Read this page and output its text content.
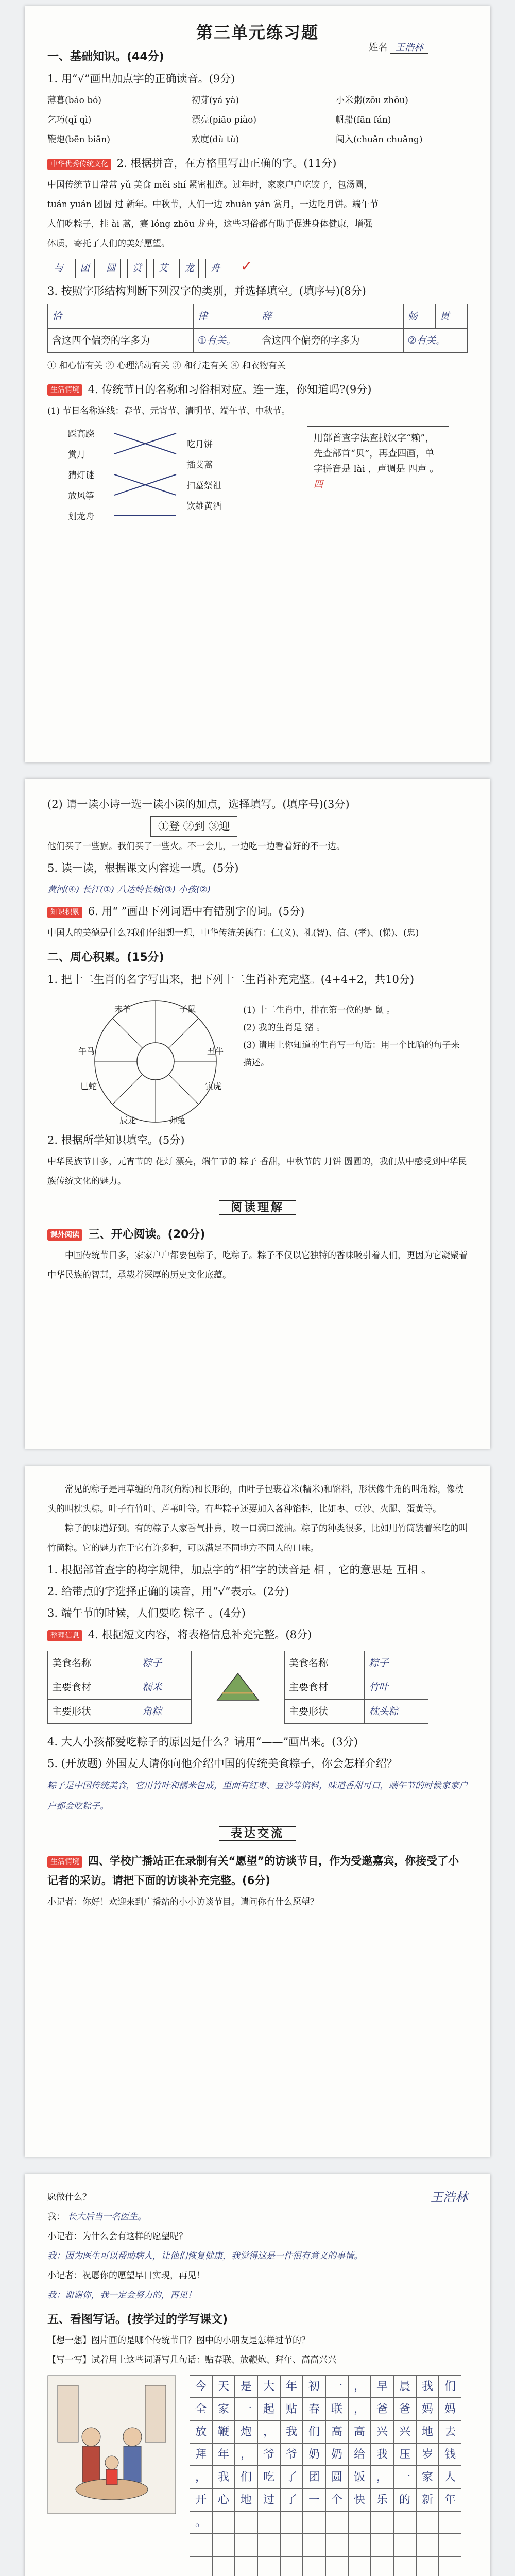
第三单元练习题
姓名 王浩林
一、基础知识。(44分)
1. 用“√”画出加点字的正确读音。(9分)
薄暮(báo bó)	初芽(yá yà)	小米粥(zōu zhōu)
乞巧(qǐ qì)	漂亮(piāo piào)	帆船(fān fán)
鞭炮(bēn biān)	欢度(dù tù)	闯入(chuǎn chuǎng)
中华优秀传统文化 2. 根据拼音，在方格里写出正确的字。(11分)
中国传统节日常常 yǔ 美食 měi shí 紧密相连。过年时，家家户户吃饺子，包汤圆，
tuán yuán 团圆 过 新年。中秋节，人们一边 zhuàn yán 赏月，一边吃月饼。端午节
人们吃粽子，挂 ài 蒿，赛 lóng zhōu 龙舟，这些习俗都有助于促进身体健康，增强
体质，寄托了人们的美好愿望。
与 团 圆 赏 艾 龙 舟 ✓
3. 按照字形结构判断下列汉字的类别，并选择填空。(填序号)(8分)
恰	律	辞	畅	贯
含这四个偏旁的字多为	①有关。	含这四个偏旁的字多为	②有关。	
① 和心情有关 ② 心理活动有关 ③ 和行走有关 ④ 和衣物有关
生活情境 4. 传统节日的名称和习俗相对应。连一连，你知道吗?(9分)
(1) 节日名称连线：春节、元宵节、清明节、端午节、中秋节。
踩高跷
赏月
猜灯谜
放风筝
划龙舟
吃月饼
插艾蒿
扫墓祭祖
饮雄黄酒
用部首查字法查找汉字“赖”，先查部首“贝”，再查四画，单字拼音是 lài ，声调是 四声 。 四
(2) 请一读小诗一选一读小读的加点，选择填写。(填序号)(3分)
①登 ②到 ③迎
他们买了一些旗。我们买了一些火。不一会儿，一边吃一边看着好的不一边。
5. 读一读，根据课文内容选一填。(5分)
黄河(④) 长江(①) 八达岭长城(③) 小孩(②)
知识积累 6. 用“ ”画出下列词语中有错别字的词。(5分)
中国人的美德是什么?我们仔细想一想，中华传统美德有：仁(义)、礼(智)、信、(孝)、(悌)、(忠)
二、周心积累。(15分)
1. 把十二生肖的名字写出来，把下列十二生肖补充完整。(4+4+2，共10分)
子鼠
丑牛
寅虎
卯兔
辰龙
巳蛇
午马
未羊	(1) 十二生肖中，排在第一位的是 鼠 。
(2) 我的生肖是 猪 。
(3) 请用上你知道的生肖写一句话：用一个比喻的句子来描述。
2. 根据所学知识填空。(5分)
中华民族节日多，元宵节的 花灯 漂亮，端午节的 粽子 香甜，中秋节的 月饼 圆圆的，我们从中感受到中华民族传统文化的魅力。
阅读理解
课外阅读 三、开心阅读。(20分)
中国传统节日多，家家户户都要包粽子，吃粽子。粽子不仅以它独特的香味吸引着人们，更因为它凝聚着中华民族的智慧，承载着深厚的历史文化底蕴。
常见的粽子是用草缠的角形(角粽)和长形的，由叶子包裹着米(糯米)和馅料，形状像牛角的叫角粽，像枕头的叫枕头粽。叶子有竹叶、芦苇叶等。有些粽子还要加入各种馅料，比如枣、豆沙、火腿、蛋黄等。
粽子的味道好到。有的粽子人家香气扑鼻，咬一口满口流油。粽子的种类很多，比如用竹筒装着米吃的叫竹筒粽。它的魅力在于它有许多种，可以满足不同地方不同人的口味。
1. 根据部首查字的构字规律，加点字的“相”字的读音是 相 ，它的意思是 互相 。
2. 给带点的字选择正确的读音，用“√”表示。(2分)
3. 端午节的时候，人们要吃 粽子 。(4分)
整理信息 4. 根据短文内容，将表格信息补充完整。(8分)
美食名称	粽子
主要食材	糯米
主要形状	角粽
美食名称	粽子
主要食材	竹叶
主要形状	枕头粽
4. 大人小孩都爱吃粽子的原因是什么？请用“——”画出来。(3分)
5. (开放题) 外国友人请你向他介绍中国的传统美食粽子，你会怎样介绍？
粽子是中国传统美食，它用竹叶和糯米包成，里面有红枣、豆沙等馅料，味道香甜可口，端午节的时候家家户户都会吃粽子。
表达交流
生活情境 四、学校广播站正在录制有关“愿望”的访谈节目，作为受邀嘉宾，你接受了小记者的采访。请把下面的访谈补充完整。(6分)
小记者：你好！欢迎来到广播站的小小访谈节目。请问你有什么愿望？
愿做什么？	王浩林
我： 长大后当一名医生。
小记者：为什么会有这样的愿望呢？
我：因为医生可以帮助病人，让他们恢复健康，我觉得这是一件很有意义的事情。
小记者：祝愿你的愿望早日实现，再见！
我：谢谢你，我一定会努力的，再见！
五、看图写话。(按学过的学写课文)
【想一想】图片画的是哪个传统节日？图中的小朋友是怎样过节的？
【写一写】试着用上这些词语写几句话：贴春联、放鞭炮、拜年、高高兴兴
今 天 是 大 年 初 一 ， 早 晨 我 们
全 家 一 起 贴 春 联 ， 爸 爸 妈 妈
放 鞭 炮 ， 我 们 高 高 兴 兴 地 去
拜 年 ， 爷 爷 奶 奶 给 我 压 岁 钱
， 我 们 吃 了 团 圆 饭 ， 一 家 人
开 心 地 过 了 一 个 快 乐 的 新 年
。
